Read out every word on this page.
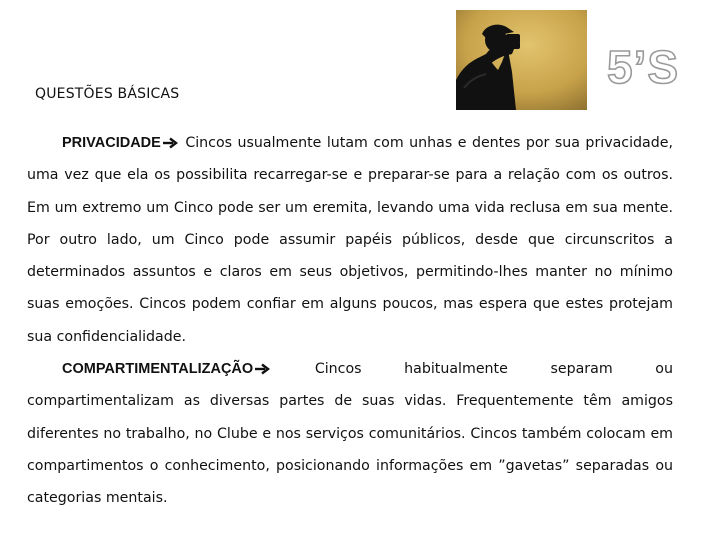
QUESTÕES BÁSICAS
5’S

PRIVACIDADE Cincos usualmente lutam com unhas e dentes por sua privacidade, uma vez que ela os possibilita recarregar-se e preparar-se para a relação com os outros. Em um extremo um Cinco pode ser um eremita, levando uma vida reclusa em sua mente. Por outro lado, um Cinco pode assumir papéis públicos, desde que circunscritos a determinados assuntos e claros em seus objetivos, permitindo-lhes manter no mínimo suas emoções. Cincos podem confiar em alguns poucos, mas espera que estes protejam sua confidencialidade.

COMPARTIMENTALIZAÇÃO	Cincos	habitualmente	separam	ou

compartimentalizam as diversas partes de suas vidas. Frequentemente têm amigos diferentes no trabalho, no Clube e nos serviços comunitários. Cincos também colocam em compartimentos o conhecimento, posicionando informações em ”gavetas” separadas ou categorias mentais.
